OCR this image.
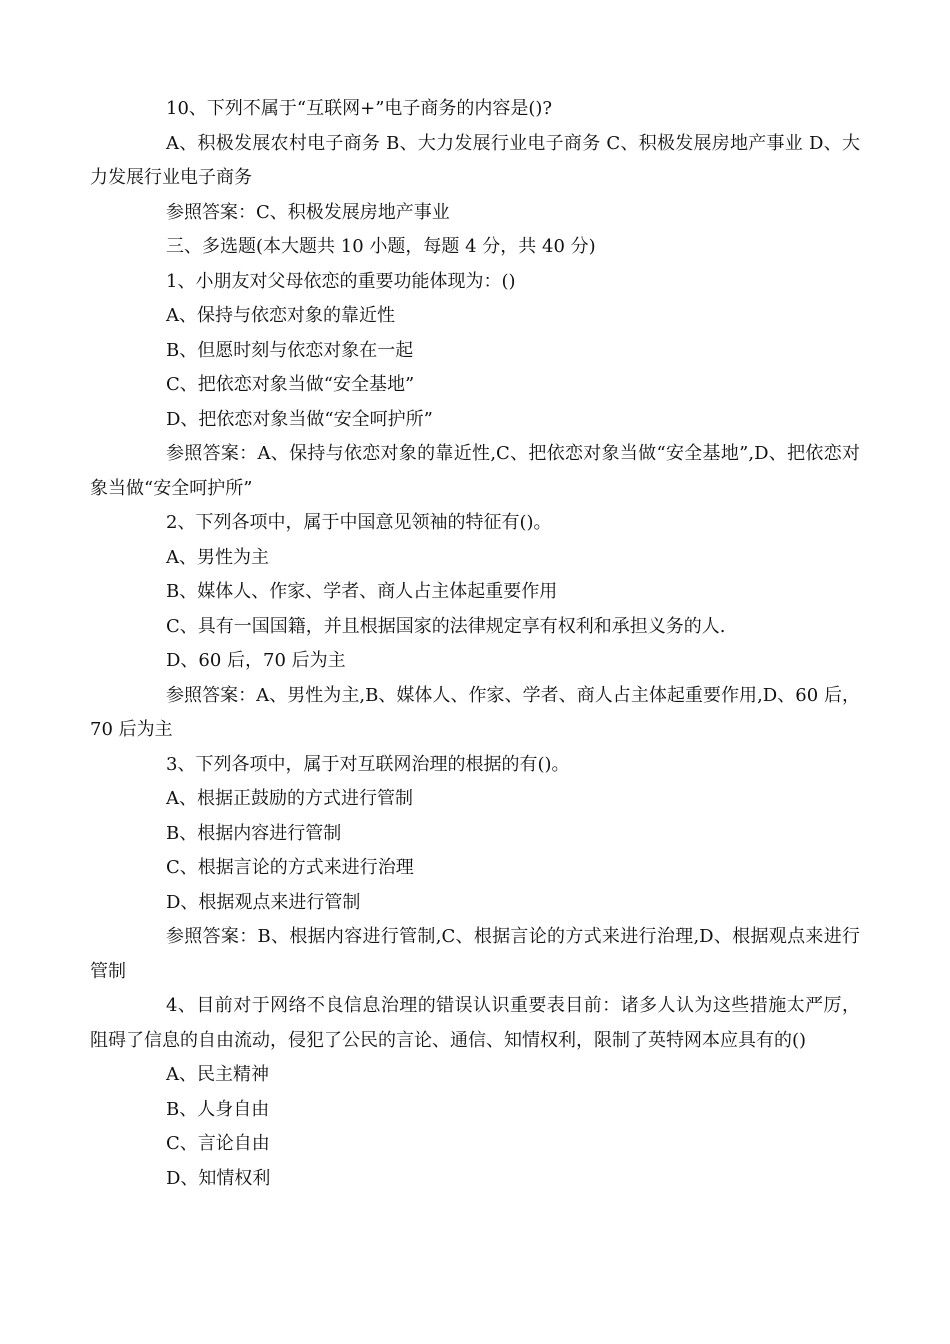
10、下列不属于“互联网+”电子商务的内容是()?

A、积极发展农村电子商务 B、大力发展行业电子商务 C、积极发展房地产事业 D、大力发展行业电子商务

参照答案：C、积极发展房地产事业

三、多选题(本大题共 10 小题，每题 4 分，共 40 分)

1、小朋友对父母依恋的重要功能体现为：()

A、保持与依恋对象的靠近性

B、但愿时刻与依恋对象在一起

C、把依恋对象当做“安全基地”

D、把依恋对象当做“安全呵护所”

参照答案：A、保持与依恋对象的靠近性,C、把依恋对象当做“安全基地”,D、把依恋对象当做“安全呵护所”

2、下列各项中，属于中国意见领袖的特征有()。

A、男性为主

B、媒体人、作家、学者、商人占主体起重要作用

C、具有一国国籍，并且根据国家的法律规定享有权利和承担义务的人.

D、60 后，70 后为主

参照答案：A、男性为主,B、媒体人、作家、学者、商人占主体起重要作用,D、60 后，70 后为主

3、下列各项中，属于对互联网治理的根据的有()。

A、根据正鼓励的方式进行管制

B、根据内容进行管制

C、根据言论的方式来进行治理

D、根据观点来进行管制

参照答案：B、根据内容进行管制,C、根据言论的方式来进行治理,D、根据观点来进行管制

4、目前对于网络不良信息治理的错误认识重要表目前：诸多人认为这些措施太严厉，阻碍了信息的自由流动，侵犯了公民的言论、通信、知情权利，限制了英特网本应具有的()

A、民主精神

B、人身自由

C、言论自由

D、知情权利
